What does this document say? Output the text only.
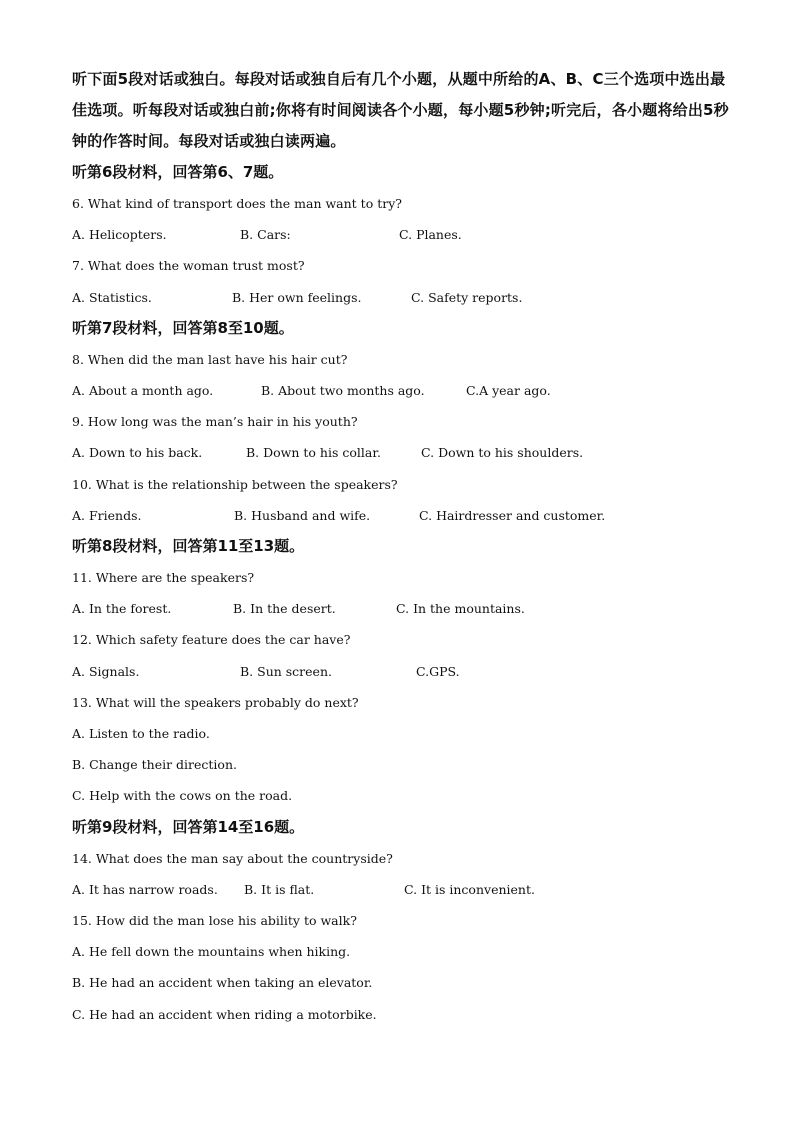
听下面5段对话或独白。每段对话或独自后有几个小题，从题中所给的A、B、C三个选项中选出最佳选项。听每段对话或独白前;你将有时间阅读各个小题，每小题5秒钟;听完后，各小题将给出5秒钟的作答时间。每段对话或独白读两遍。

听第6段材料，回答第6、7题。

6. What kind of transport does the man want to try?

A. Helicopters.	B. Cars:	C. Planes.

7. What does the woman trust most?

A. Statistics.	B. Her own feelings.	C. Safety reports.

听第7段材料，回答第8至10题。

8. When did the man last have his hair cut?

A. About a month ago.	B. About two months ago.	C.A year ago.

9. How long was the man’s hair in his youth?

A. Down to his back.	B. Down to his collar.	C. Down to his shoulders.

10. What is the relationship between the speakers?

A. Friends.	B. Husband and wife.	C. Hairdresser and customer.

听第8段材料，回答第11至13题。

11. Where are the speakers?

A. In the forest.	B. In the desert.	C. In the mountains.

12. Which safety feature does the car have?

A. Signals.	B. Sun screen.	C.GPS.

13. What will the speakers probably do next?

A. Listen to the radio.

B. Change their direction.

C. Help with the cows on the road.

听第9段材料，回答第14至16题。

14. What does the man say about the countryside?

A. It has narrow roads. B. It is flat.	C. It is inconvenient.

15. How did the man lose his ability to walk?

A. He fell down the mountains when hiking.

B. He had an accident when taking an elevator.

C. He had an accident when riding a motorbike.
